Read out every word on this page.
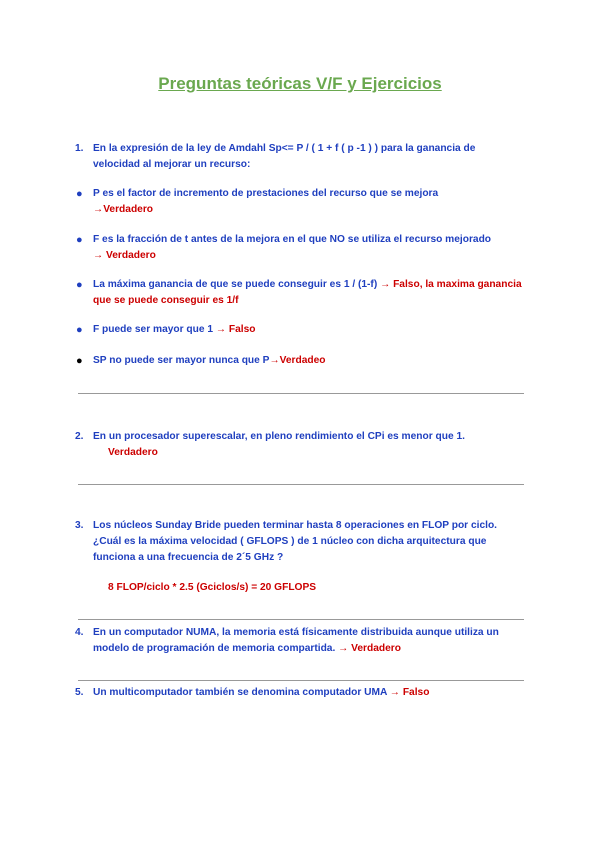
Preguntas teóricas V/F y Ejercicios
1. En la expresión de la ley de Amdahl Sp<= P / ( 1 + f ( p -1 ) ) para la ganancia de velocidad al mejorar un recurso:
● P es el factor de incremento de prestaciones del recurso que se mejora
→Verdadero
● F es la fracción de t antes de la mejora en el que NO se utiliza el recurso mejorado
→ Verdadero
● La máxima ganancia de que se puede conseguir es 1 / (1-f) → Falso, la maxima ganancia que se puede conseguir es 1/f
● F puede ser mayor que 1 → Falso
● SP no puede ser mayor nunca que P→Verdadeo
2. En un procesador superescalar, en pleno rendimiento el CPi es menor que 1.
Verdadero
3. Los núcleos Sunday Bride pueden terminar hasta 8 operaciones en FLOP por ciclo. ¿Cuál es la máxima velocidad ( GFLOPS ) de 1 núcleo con dicha arquitectura que funciona a una frecuencia de 2´5 GHz ?
8 FLOP/ciclo * 2.5 (Gciclos/s) = 20 GFLOPS
4. En un computador NUMA, la memoria está físicamente distribuida aunque utiliza un modelo de programación de memoria compartida. → Verdadero
5. Un multicomputador también se denomina computador UMA → Falso
